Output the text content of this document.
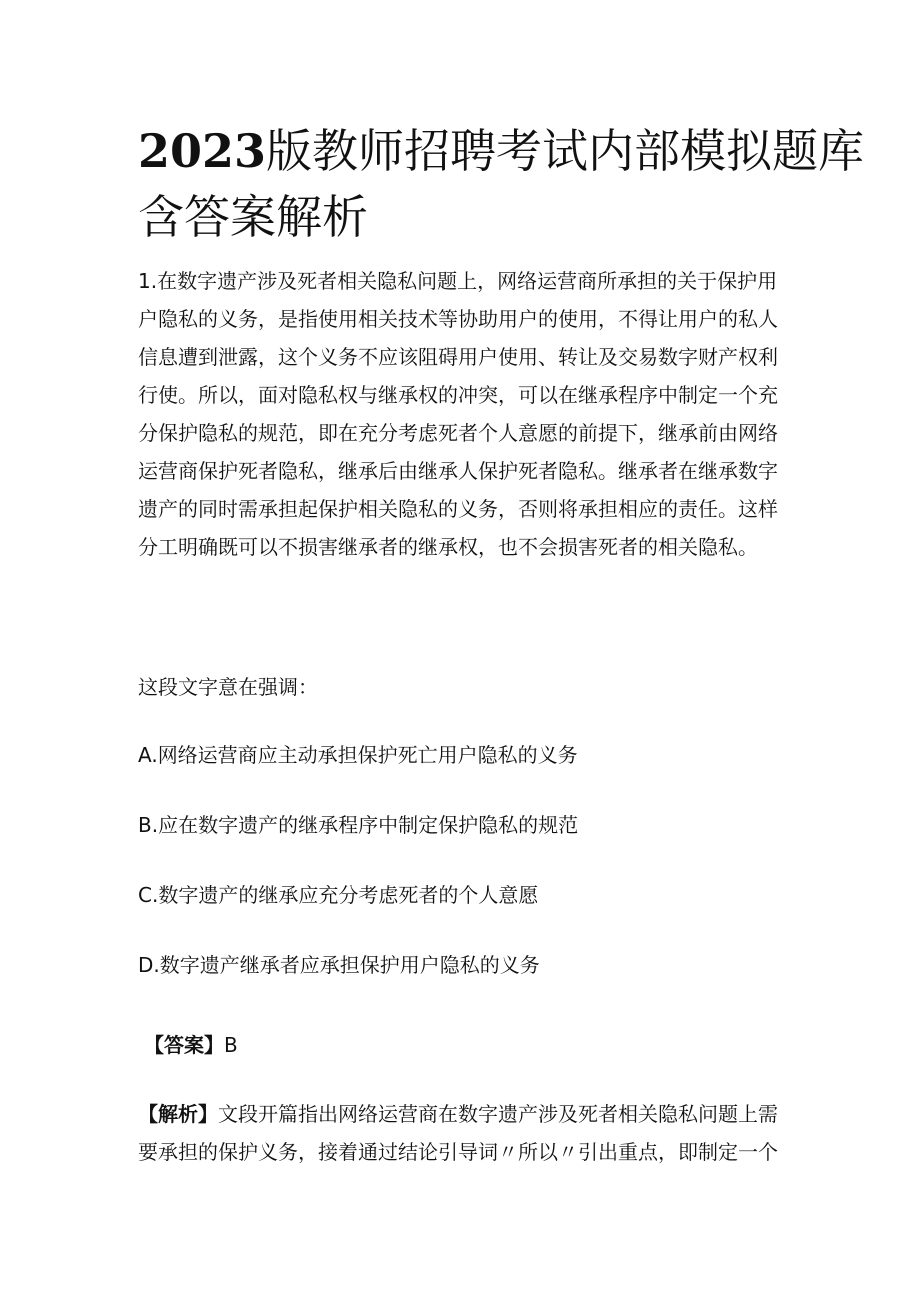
2023版教师招聘考试内部模拟题库
含答案解析
1.在数字遗产涉及死者相关隐私问题上，网络运营商所承担的关于保护用
户隐私的义务，是指使用相关技术等协助用户的使用，不得让用户的私人
信息遭到泄露，这个义务不应该阻碍用户使用、转让及交易数字财产权利
行使。所以，面对隐私权与继承权的冲突，可以在继承程序中制定一个充
分保护隐私的规范，即在充分考虑死者个人意愿的前提下，继承前由网络
运营商保护死者隐私，继承后由继承人保护死者隐私。继承者在继承数字
遗产的同时需承担起保护相关隐私的义务，否则将承担相应的责任。这样
分工明确既可以不损害继承者的继承权，也不会损害死者的相关隐私。
这段文字意在强调：
A.网络运营商应主动承担保护死亡用户隐私的义务
B.应在数字遗产的继承程序中制定保护隐私的规范
C.数字遗产的继承应充分考虑死者的个人意愿
D.数字遗产继承者应承担保护用户隐私的义务
【答案】B
【解析】文段开篇指出网络运营商在数字遗产涉及死者相关隐私问题上需
要承担的保护义务，接着通过结论引导词〃所以〃引出重点，即制定一个
